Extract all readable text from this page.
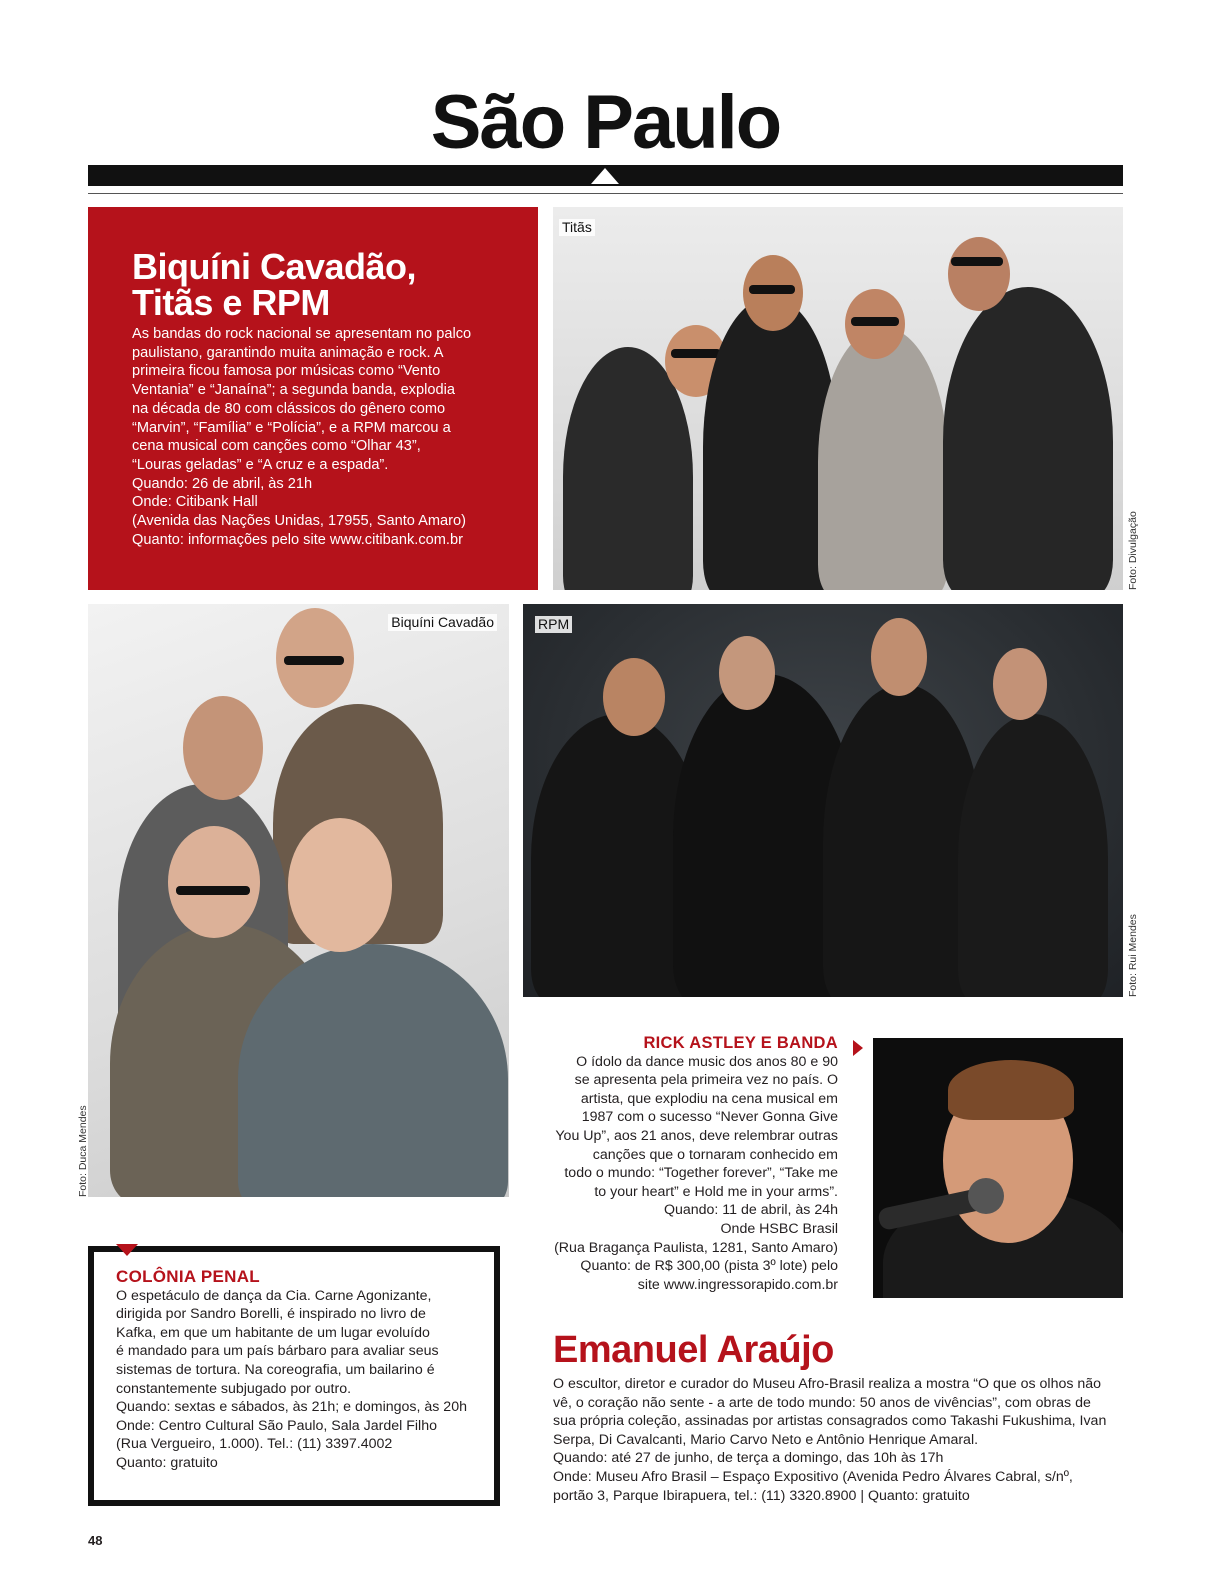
São Paulo
Biquíni Cavadão,
Titãs e RPM
As bandas do rock nacional se apresentam no palco
paulistano, garantindo muita animação e rock. A
primeira ficou famosa por músicas como “Vento
Ventania” e “Janaína”; a segunda banda, explodia
na década de 80 com clássicos do gênero como
“Marvin”, “Família” e “Polícia”, e a RPM marcou a
cena musical com canções como “Olhar 43”,
“Louras geladas” e “A cruz e a espada”.
Quando: 26 de abril, às 21h
Onde: Citibank Hall
(Avenida das Nações Unidas, 17955, Santo Amaro)
Quanto: informações pelo site www.citibank.com.br
Titãs
Foto: Divulgação
Biquíni Cavadão
Foto: Duca Mendes
RPM
Foto: Rui Mendes
RICK ASTLEY E BANDA
O ídolo da dance music dos anos 80 e 90
se apresenta pela primeira vez no país. O
artista, que explodiu na cena musical em
1987 com o sucesso “Never Gonna Give
You Up”, aos 21 anos, deve relembrar outras
canções que o tornaram conhecido em
todo o mundo: “Together forever”, “Take me
to your heart” e Hold me in your arms”.
Quando: 11 de abril, às 24h
Onde HSBC Brasil
(Rua Bragança Paulista, 1281, Santo Amaro)
Quanto: de R$ 300,00 (pista 3º lote) pelo
site www.ingressorapido.com.br
COLÔNIA PENAL
O espetáculo de dança da Cia. Carne Agonizante,
dirigida por Sandro Borelli, é inspirado no livro de
Kafka, em que um habitante de um lugar evoluído
é mandado para um país bárbaro para avaliar seus
sistemas de tortura. Na coreografia, um bailarino é
constantemente subjugado por outro.
Quando: sextas e sábados, às 21h; e domingos, às 20h
Onde: Centro Cultural São Paulo, Sala Jardel Filho
(Rua Vergueiro, 1.000). Tel.: (11) 3397.4002
Quanto: gratuito
Emanuel Araújo
O escultor, diretor e curador do Museu Afro-Brasil realiza a mostra “O que os olhos não
vê, o coração não sente - a arte de todo mundo: 50 anos de vivências”, com obras de
sua própria coleção, assinadas por artistas consagrados como Takashi Fukushima, Ivan
Serpa, Di Cavalcanti, Mario Carvo Neto e Antônio Henrique Amaral.
Quando: até 27 de junho, de terça a domingo, das 10h às 17h
Onde: Museu Afro Brasil – Espaço Expositivo (Avenida Pedro Álvares Cabral, s/nº,
portão 3, Parque Ibirapuera, tel.: (11) 3320.8900 | Quanto: gratuito
48
